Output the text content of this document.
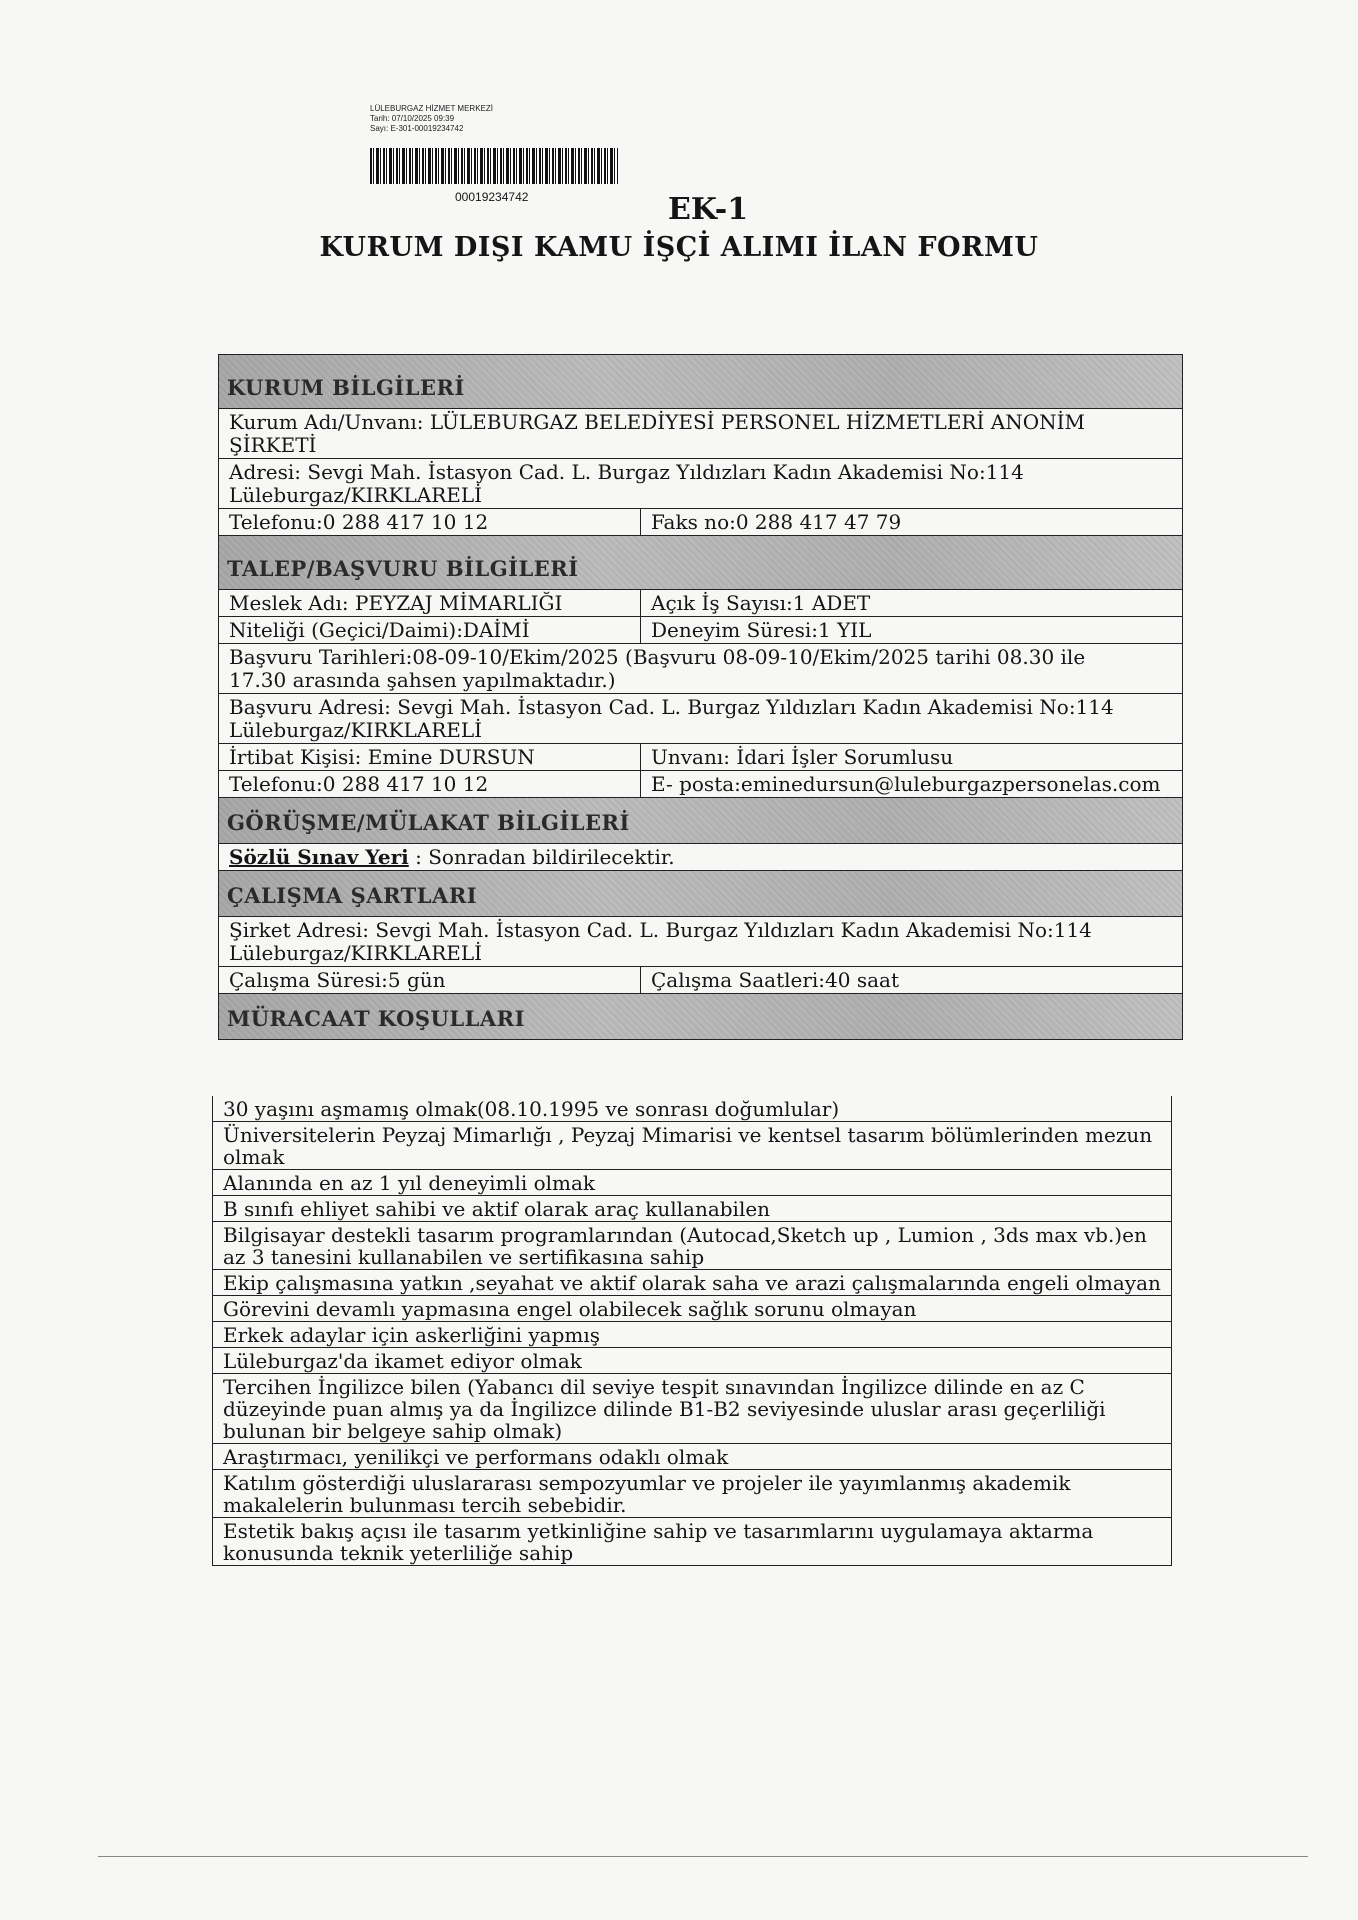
LÜLEBURGAZ HİZMET MERKEZİ
Tarih: 07/10/2025 09:39
Sayı: E-301-00019234742
00019234742	EK-1
KURUM DIŞI KAMU İŞÇİ ALIMI İLAN FORMU
KURUM BİLGİLERİ
Kurum Adı/Unvanı: LÜLEBURGAZ BELEDİYESİ PERSONEL HİZMETLERİ ANONİM ŞİRKETİ
Adresi: Sevgi Mah. İstasyon Cad. L. Burgaz Yıldızları Kadın Akademisi No:114
Lüleburgaz/KIRKLARELİ
Telefonu:0 288 417 10 12	Faks no:0 288 417 47 79
TALEP/BAŞVURU BİLGİLERİ
Meslek Adı: PEYZAJ MİMARLIĞI	Açık İş Sayısı:1 ADET
Niteliği (Geçici/Daimi):DAİMİ	Deneyim Süresi:1 YIL
Başvuru Tarihleri:08-09-10/Ekim/2025 (Başvuru 08-09-10/Ekim/2025 tarihi 08.30 ile
17.30 arasında şahsen yapılmaktadır.)
Başvuru Adresi: Sevgi Mah. İstasyon Cad. L. Burgaz Yıldızları Kadın Akademisi No:114
Lüleburgaz/KIRKLARELİ
İrtibat Kişisi: Emine DURSUN	Unvanı: İdari İşler Sorumlusu
Telefonu:0 288 417 10 12	E- posta:eminedursun@luleburgazpersonelas.com
GÖRÜŞME/MÜLAKAT BİLGİLERİ
Sözlü Sınav Yeri : Sonradan bildirilecektir.
ÇALIŞMA ŞARTLARI
Şirket Adresi: Sevgi Mah. İstasyon Cad. L. Burgaz Yıldızları Kadın Akademisi No:114
Lüleburgaz/KIRKLARELİ
Çalışma Süresi:5 gün	Çalışma Saatleri:40 saat
MÜRACAAT KOŞULLARI
30 yaşını aşmamış olmak(08.10.1995 ve sonrası doğumlular)
Üniversitelerin Peyzaj Mimarlığı , Peyzaj Mimarisi ve kentsel tasarım bölümlerinden mezun olmak
Alanında en az 1 yıl deneyimli olmak
B sınıfı ehliyet sahibi ve aktif olarak araç kullanabilen
Bilgisayar destekli tasarım programlarından (Autocad,Sketch up , Lumion , 3ds max vb.)en az 3 tanesini kullanabilen ve sertifikasına sahip
Ekip çalışmasına yatkın ,seyahat ve aktif olarak saha ve arazi çalışmalarında engeli olmayan
Görevini devamlı yapmasına engel olabilecek sağlık sorunu olmayan
Erkek adaylar için askerliğini yapmış
Lüleburgaz'da ikamet ediyor olmak
Tercihen İngilizce bilen (Yabancı dil seviye tespit sınavından İngilizce dilinde en az C düzeyinde puan almış ya da İngilizce dilinde B1-B2 seviyesinde uluslar arası geçerliliği bulunan bir belgeye sahip olmak)
Araştırmacı, yenilikçi ve performans odaklı olmak
Katılım gösterdiği uluslararası sempozyumlar ve projeler ile yayımlanmış akademik makalelerin bulunması tercih sebebidir.
Estetik bakış açısı ile tasarım yetkinliğine sahip ve tasarımlarını uygulamaya aktarma konusunda teknik yeterliliğe sahip
